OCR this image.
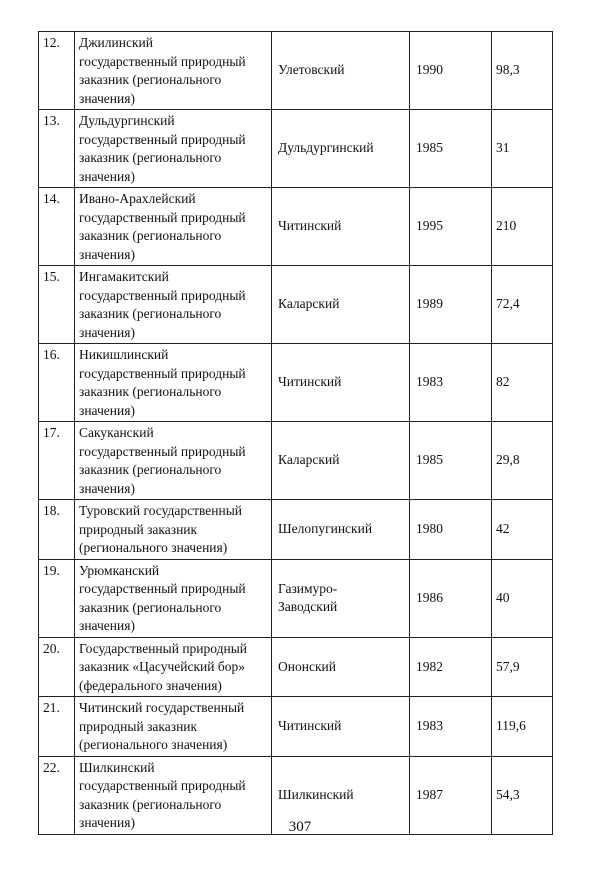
12.	Джилинский
государственный природный
заказник (регионального
значения)	Улетовский	1990	98,3
13.	Дульдургинский
государственный природный
заказник (регионального
значения)	Дульдургинский	1985	31
14.	Ивано-Арахлейский
государственный природный
заказник (регионального
значения)	Читинский	1995	210
15.	Ингамакитский
государственный природный
заказник (регионального
значения)	Каларский	1989	72,4
16.	Никишлинский
государственный природный
заказник (регионального
значения)	Читинский	1983	82
17.	Сакуканский
государственный природный
заказник (регионального
значения)	Каларский	1985	29,8
18.	Туровский государственный
природный заказник
(регионального значения)	Шелопугинский	1980	42
19.	Урюмканский
государственный природный
заказник (регионального
значения)	Газимуро-
Заводский	1986	40
20.	Государственный природный
заказник «Цасучейский бор»
(федерального значения)	Ононский	1982	57,9
21.	Читинский государственный
природный заказник
(регионального значения)	Читинский	1983	119,6
22.	Шилкинский
государственный природный
заказник (регионального
значения)	Шилкинский	1987	54,3
307
